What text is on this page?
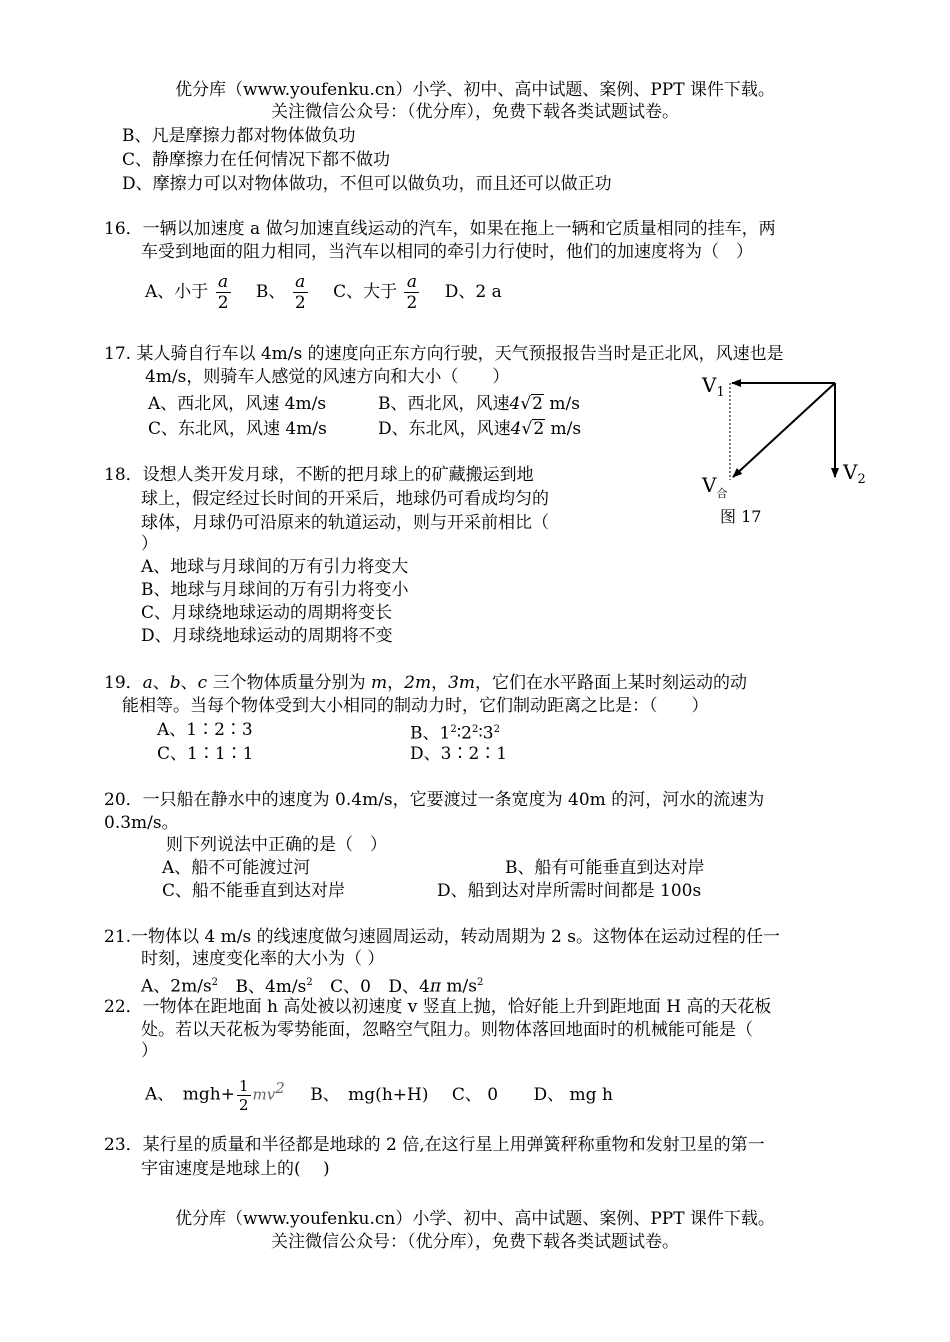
优分库（www.youfenku.cn）小学、初中、高中试题、案例、PPT 课件下载。
关注微信公众号：（优分库），免费下载各类试题试卷。
B、凡是摩擦力都对物体做负功
C、静摩擦力在任何情况下都不做功
D、摩擦力可以对物体做功，不但可以做负功，而且还可以做正功
16．一辆以加速度 a 做匀加速直线运动的汽车，如果在拖上一辆和它质量相同的挂车，两
车受到地面的阻力相同，当汽车以相同的牵引力行使时，他们的加速度将为（　）
A、小于 $\frac{a}{2}$ B、 $\frac{a}{2}$ C、大于 $\frac{a}{2}$ D、2 a
17. 某人骑自行车以 4m/s 的速度向正东方向行驶，天气预报报告当时是正北风，风速也是
4m/s，则骑车人感觉的风速方向和大小（　　）
A、西北风，风速 4m/s	B、西北风，风速4√2 m/s
C、东北风，风速 4m/s	D、东北风，风速4√2 m/s
$V_1$
$V_2$
$V_合$
图 17
18．设想人类开发月球，不断的把月球上的矿藏搬运到地
球上，假定经过长时间的开采后，地球仍可看成均匀的
球体，月球仍可沿原来的轨道运动，则与开采前相比（
）
A、地球与月球间的万有引力将变大
B、地球与月球间的万有引力将变小
C、月球绕地球运动的周期将变长
D、月球绕地球运动的周期将不变
19．a、b、c 三个物体质量分别为 m，2m，3m，它们在水平路面上某时刻运动的动
能相等。当每个物体受到大小相同的制动力时，它们制动距离之比是：（　　）
A、1∶2∶3	B、$1^2∶2^2∶3^2$
C、1∶1∶1	D、3∶2∶1
20．一只船在静水中的速度为 0.4m/s，它要渡过一条宽度为 40m 的河，河水的流速为
0.3m/s。
则下列说法中正确的是（　）
A、船不可能渡过河	B、船有可能垂直到达对岸
C、船不能垂直到达对岸	D、船到达对岸所需时间都是 100s
21.一物体以 4 m/s 的线速度做匀速圆周运动，转动周期为 2 s。这物体在运动过程的任一
时刻，速度变化率的大小为（ ）
A、$2m/s^2$ B、$4m/s^2$ C、0 D、4π $m/s^2$
22．一物体在距地面 h 高处被以初速度 v 竖直上抛，恰好能上升到距地面 H 高的天花板
处。若以天花板为零势能面，忽略空气阻力。则物体落回地面时的机械能可能是（
）
A、　$mgh+ \frac{1}{2} mv^2$ B、　mg(h+H) C、 0 D、 mg h
23．某行星的质量和半径都是地球的 2 倍,在这行星上用弹簧秤称重物和发射卫星的第一
宇宙速度是地球上的(　 )
优分库（www.youfenku.cn）小学、初中、高中试题、案例、PPT 课件下载。
关注微信公众号：（优分库），免费下载各类试题试卷。
